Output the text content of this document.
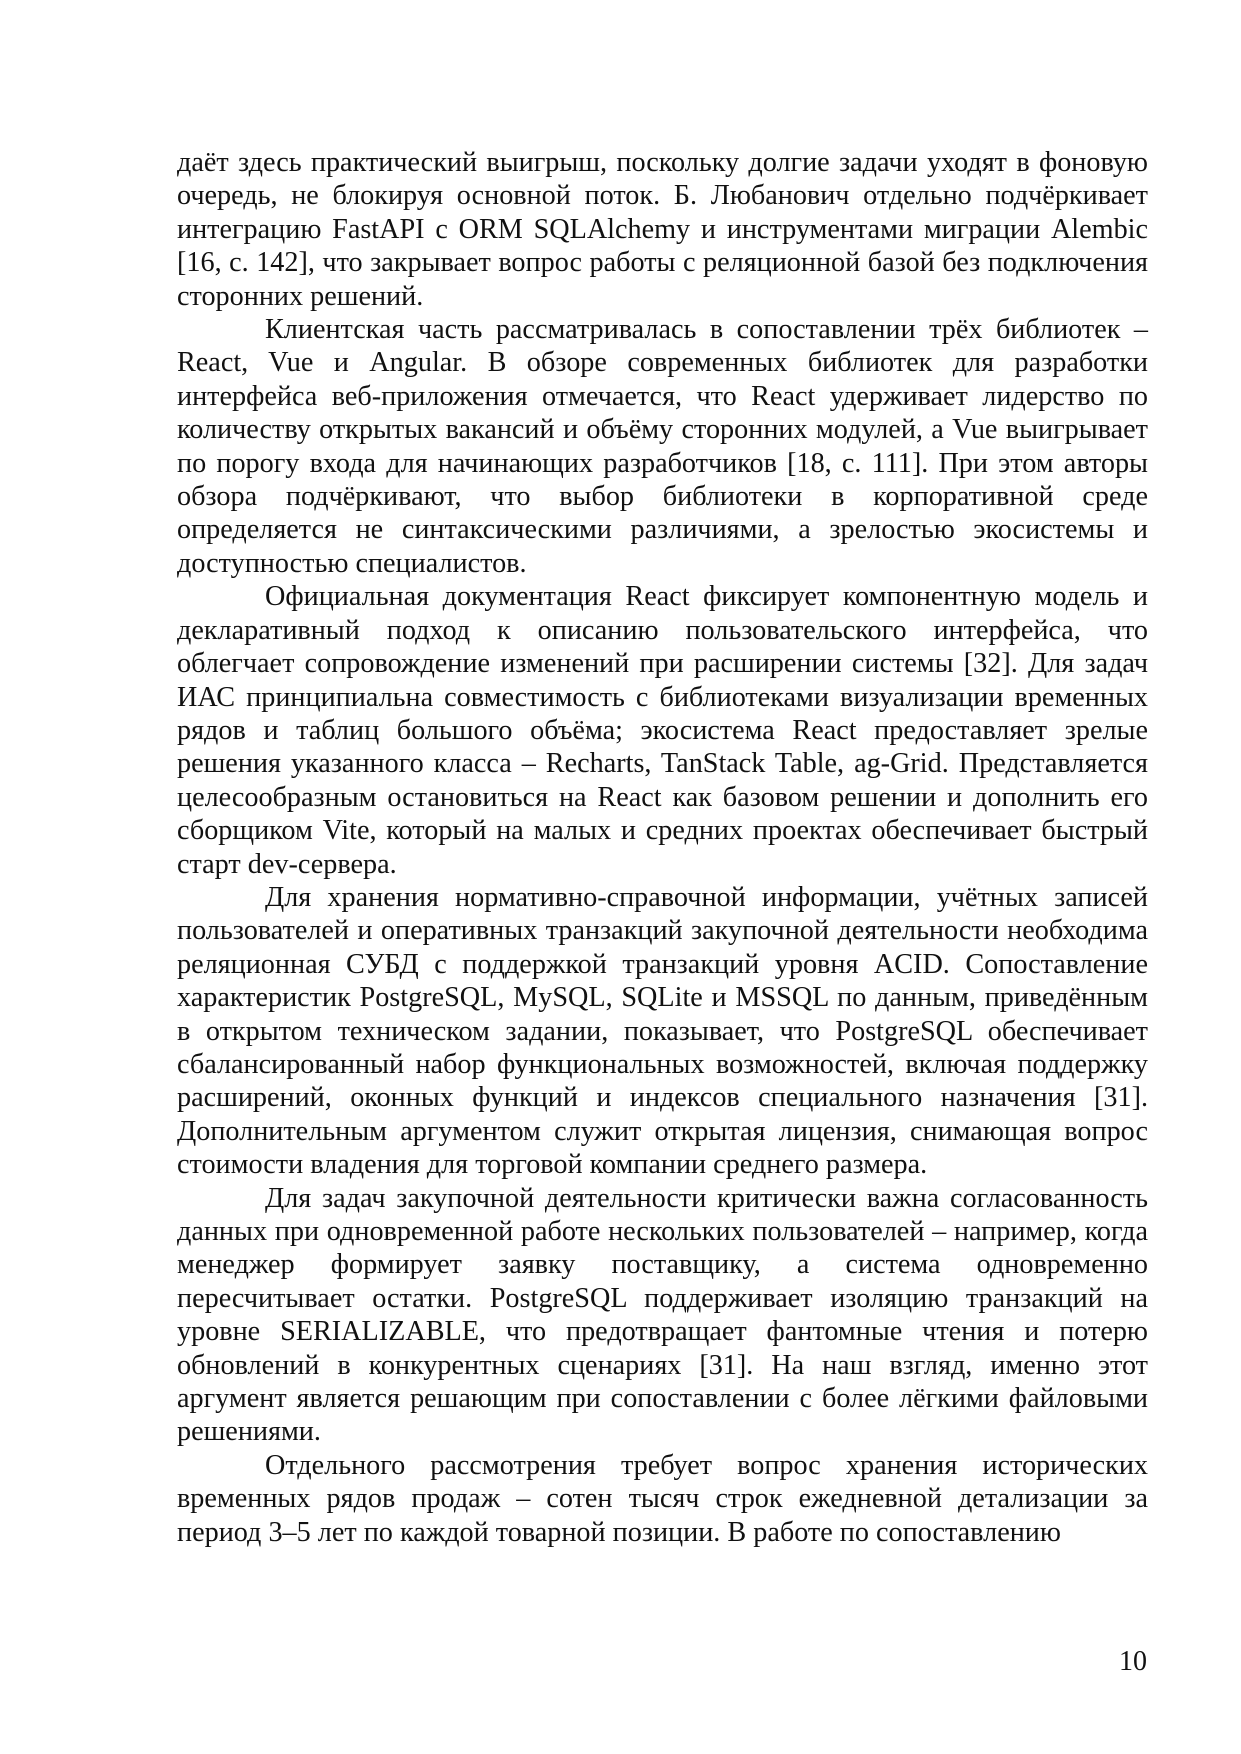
даёт здесь практический выигрыш, поскольку долгие задачи уходят в фоновую очередь, не блокируя основной поток. Б. Любанович отдельно подчёркивает интеграцию FastAPI с ORM SQLAlchemy и инструментами миграции Alembic [16, с. 142], что закрывает вопрос работы с реляционной базой без подключения сторонних решений.

Клиентская часть рассматривалась в сопоставлении трёх библиотек – React, Vue и Angular. В обзоре современных библиотек для разработки интерфейса веб-приложения отмечается, что React удерживает лидерство по количеству открытых вакансий и объёму сторонних модулей, а Vue выигрывает по порогу входа для начинающих разработчиков [18, с. 111]. При этом авторы обзора подчёркивают, что выбор библиотеки в корпоративной среде определяется не синтаксическими различиями, а зрелостью экосистемы и доступностью специалистов.

Официальная документация React фиксирует компонентную модель и декларативный подход к описанию пользовательского интерфейса, что облегчает сопровождение изменений при расширении системы [32]. Для задач ИАС принципиальна совместимость с библиотеками визуализации временных рядов и таблиц большого объёма; экосистема React предоставляет зрелые решения указанного класса – Recharts, TanStack Table, ag-Grid. Представляется целесообразным остановиться на React как базовом решении и дополнить его сборщиком Vite, который на малых и средних проектах обеспечивает быстрый старт dev-сервера.

Для хранения нормативно-справочной информации, учётных записей пользователей и оперативных транзакций закупочной деятельности необходима реляционная СУБД с поддержкой транзакций уровня ACID. Сопоставление характеристик PostgreSQL, MySQL, SQLite и MSSQL по данным, приведённым в открытом техническом задании, показывает, что PostgreSQL обеспечивает сбалансированный набор функциональных возможностей, включая поддержку расширений, оконных функций и индексов специального назначения [31]. Дополнительным аргументом служит открытая лицензия, снимающая вопрос стоимости владения для торговой компании среднего размера.

Для задач закупочной деятельности критически важна согласованность данных при одновременной работе нескольких пользователей – например, когда менеджер формирует заявку поставщику, а система одновременно пересчитывает остатки. PostgreSQL поддерживает изоляцию транзакций на уровне SERIALIZABLE, что предотвращает фантомные чтения и потерю обновлений в конкурентных сценариях [31]. На наш взгляд, именно этот аргумент является решающим при сопоставлении с более лёгкими файловыми решениями.

Отдельного рассмотрения требует вопрос хранения исторических временных рядов продаж – сотен тысяч строк ежедневной детализации за период 3–5 лет по каждой товарной позиции. В работе по сопоставлению

10
